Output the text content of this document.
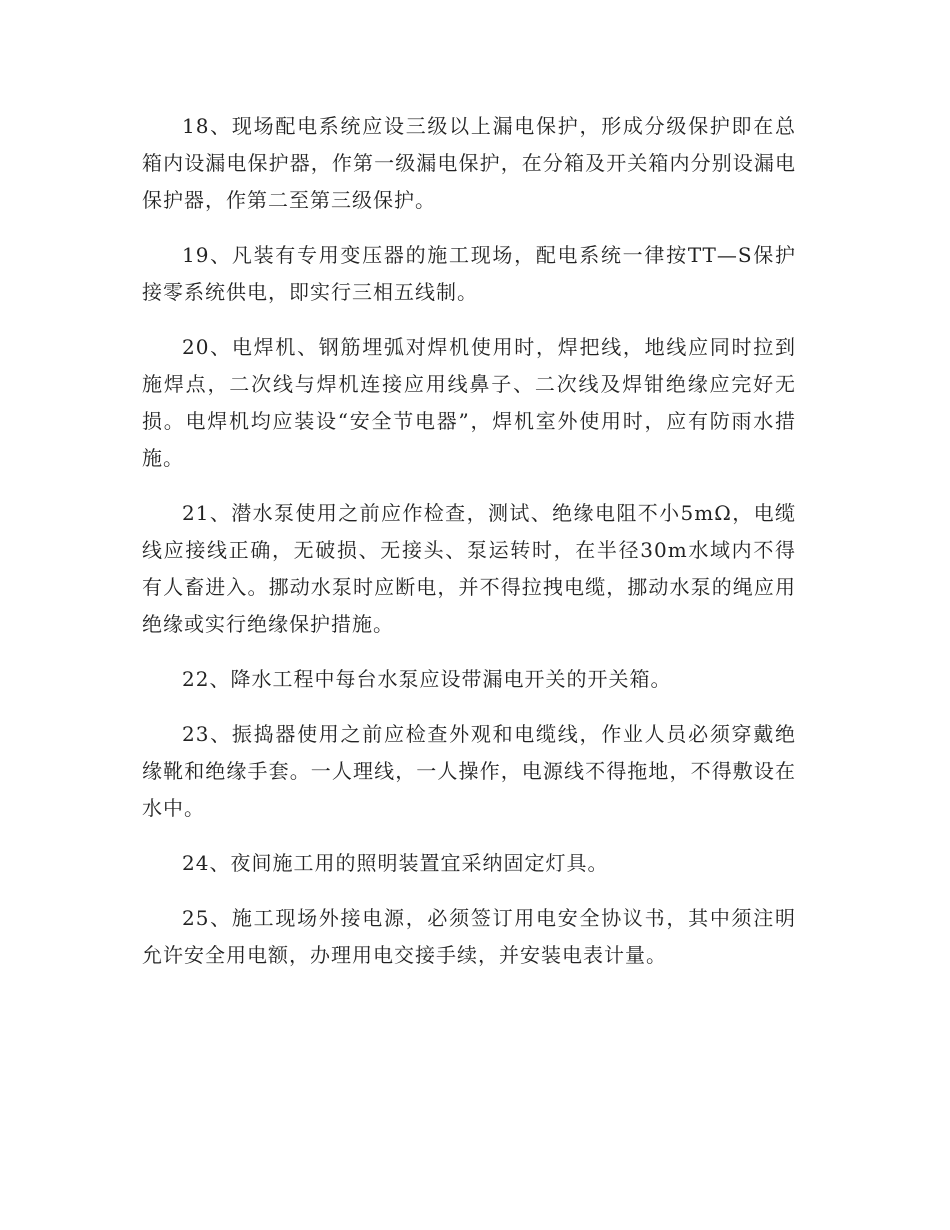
18、现场配电系统应设三级以上漏电保护，形成分级保护即在总箱内设漏电保护器，作第一级漏电保护，在分箱及开关箱内分别设漏电保护器，作第二至第三级保护。

19、凡装有专用变压器的施工现场，配电系统一律按TT—S保护接零系统供电，即实行三相五线制。

20、电焊机、钢筋埋弧对焊机使用时，焊把线，地线应同时拉到施焊点，二次线与焊机连接应用线鼻子、二次线及焊钳绝缘应完好无损。电焊机均应装设“安全节电器”，焊机室外使用时，应有防雨水措施。

21、潜水泵使用之前应作检查，测试、绝缘电阻不小5mΩ，电缆线应接线正确，无破损、无接头、泵运转时，在半径30m水域内不得有人畜进入。挪动水泵时应断电，并不得拉拽电缆，挪动水泵的绳应用绝缘或实行绝缘保护措施。

22、降水工程中每台水泵应设带漏电开关的开关箱。

23、振捣器使用之前应检查外观和电缆线，作业人员必须穿戴绝缘靴和绝缘手套。一人理线，一人操作，电源线不得拖地，不得敷设在水中。

24、夜间施工用的照明装置宜采纳固定灯具。

25、施工现场外接电源，必须签订用电安全协议书，其中须注明允许安全用电额，办理用电交接手续，并安装电表计量。
